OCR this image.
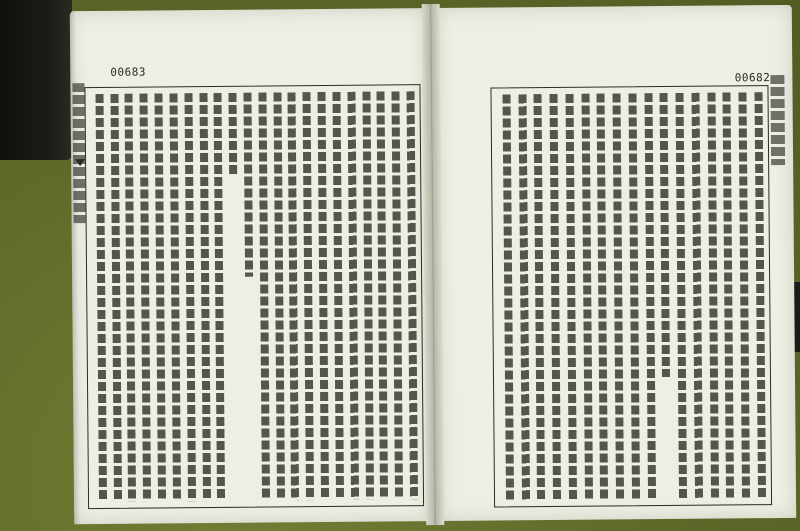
00683	00682
